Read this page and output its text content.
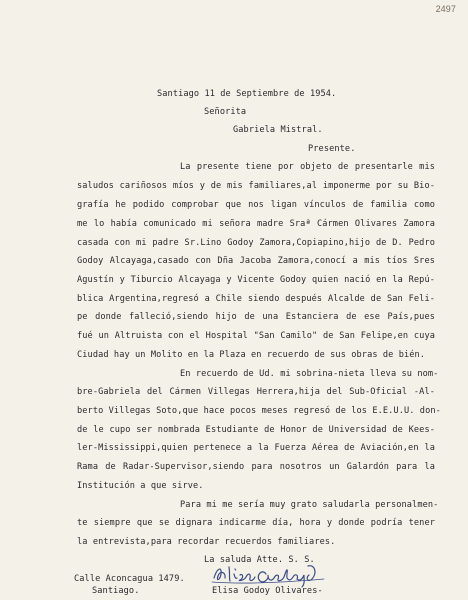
2497
Santiago 11 de Septiembre de 1954.
Señorita
Gabriela Mistral.
Presente.
La presente tiene por objeto de presentarle mis
saludos cariñosos míos y de mis familiares,al imponerme por su Bio-
grafía he podido comprobar que nos ligan vínculos de familia como
me lo había comunicado mi señora madre Sraª Cármen Olivares Zamora
casada con mi padre Sr.Lino Godoy Zamora,Copiapino,hijo de D. Pedro
Godoy Alcayaga,casado con Dña Jacoba Zamora,conocí a mis tíos Sres
Agustín y Tiburcio Alcayaga y Vicente Godoy quien nació en la Repú-
blica Argentina,regresó a Chile siendo después Alcalde de San Feli-
pe donde falleció,siendo hijo de una Estanciera de ese País,pues
fué un Altruista con el Hospital "San Camilo" de San Felipe,en cuya
Ciudad hay un Molito en la Plaza en recuerdo de sus obras de bién.
En recuerdo de Ud. mi sobrina-nieta lleva su nom-
bre-Gabriela del Cármen Villegas Herrera,hija del Sub-Oficial -Al-
berto Villegas Soto,que hace pocos meses regresó de los E.E.U.U. don-
de le cupo ser nombrada Estudiante de Honor de Universidad de Kees-
ler-Mississippi,quien pertenece a la Fuerza Aérea de Aviación,en la
Rama de Radar-Supervisor,siendo para nosotros un Galardón para la
Institución a que sirve.
Para mi me sería muy grato saludarla personalmen-
te siempre que se dignara indicarme día, hora y donde podría tener
la entrevista,para recordar recuerdos familiares.
La saluda Atte. S. S.
Calle Aconcagua 1479.
Santiago.	Elisa Godoy Olivares-
